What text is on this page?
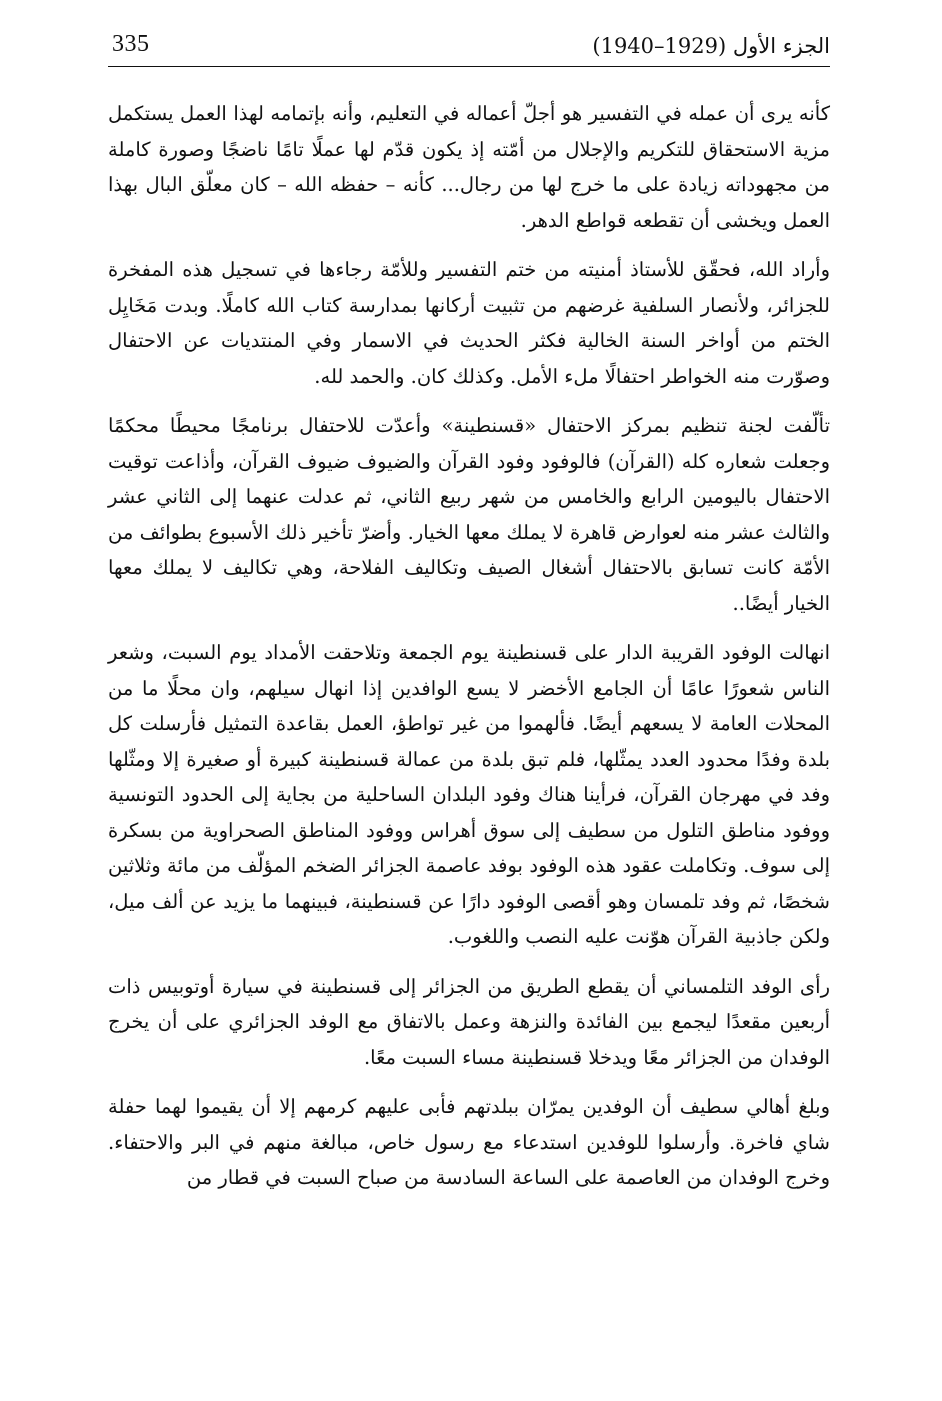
335	الجزء الأول (1929–1940)

كأنه يرى أن عمله في التفسير هو أجلّ أعماله في التعليم، وأنه بإتمامه لهذا العمل يستكمل مزية الاستحقاق للتكريم والإجلال من أمّته إذ يكون قدّم لها عملًا تامًا ناضجًا وصورة كاملة من مجهوداته زيادة على ما خرج لها من رجال... كأنه – حفظه الله – كان معلّق البال بهذا العمل ويخشى أن تقطعه قواطع الدهر.

وأراد الله، فحقّق للأستاذ أمنيته من ختم التفسير وللأمّة رجاءها في تسجيل هذه المفخرة للجزائر، ولأنصار السلفية غرضهم من تثبيت أركانها بمدارسة كتاب الله كاملًا. وبدت مَخَايِل الختم من أواخر السنة الخالية فكثر الحديث في الاسمار وفي المنتديات عن الاحتفال وصوّرت منه الخواطر احتفالًا ملء الأمل. وكذلك كان. والحمد لله.

تألّفت لجنة تنظيم بمركز الاحتفال «قسنطينة» وأعدّت للاحتفال برنامجًا محيطًا محكمًا وجعلت شعاره كله (القرآن) فالوفود وفود القرآن والضيوف ضيوف القرآن، وأذاعت توقيت الاحتفال باليومين الرابع والخامس من شهر ربيع الثاني، ثم عدلت عنهما إلى الثاني عشر والثالث عشر منه لعوارض قاهرة لا يملك معها الخيار. وأضرّ تأخير ذلك الأسبوع بطوائف من الأمّة كانت تسابق بالاحتفال أشغال الصيف وتكاليف الفلاحة، وهي تكاليف لا يملك معها الخيار أيضًا..

انهالت الوفود القريبة الدار على قسنطينة يوم الجمعة وتلاحقت الأمداد يوم السبت، وشعر الناس شعورًا عامًا أن الجامع الأخضر لا يسع الوافدين إذا انهال سيلهم، وان محلًا ما من المحلات العامة لا يسعهم أيضًا. فألهموا من غير تواطؤ، العمل بقاعدة التمثيل فأرسلت كل بلدة وفدًا محدود العدد يمثّلها، فلم تبق بلدة من عمالة قسنطينة كبيرة أو صغيرة إلا ومثّلها وفد في مهرجان القرآن، فرأينا هناك وفود البلدان الساحلية من بجاية إلى الحدود التونسية ووفود مناطق التلول من سطيف إلى سوق أهراس ووفود المناطق الصحراوية من بسكرة إلى سوف. وتكاملت عقود هذه الوفود بوفد عاصمة الجزائر الضخم المؤلّف من مائة وثلاثين شخصًا، ثم وفد تلمسان وهو أقصى الوفود دارًا عن قسنطينة، فبينهما ما يزيد عن ألف ميل، ولكن جاذبية القرآن هوّنت عليه النصب واللغوب.

رأى الوفد التلمساني أن يقطع الطريق من الجزائر إلى قسنطينة في سيارة أوتوبيس ذات أربعين مقعدًا ليجمع بين الفائدة والنزهة وعمل بالاتفاق مع الوفد الجزائري على أن يخرج الوفدان من الجزائر معًا ويدخلا قسنطينة مساء السبت معًا.

وبلغ أهالي سطيف أن الوفدين يمرّان ببلدتهم فأبى عليهم كرمهم إلا أن يقيموا لهما حفلة شاي فاخرة. وأرسلوا للوفدين استدعاء مع رسول خاص، مبالغة منهم في البر والاحتفاء. وخرج الوفدان من العاصمة على الساعة السادسة من صباح السبت في قطار من
